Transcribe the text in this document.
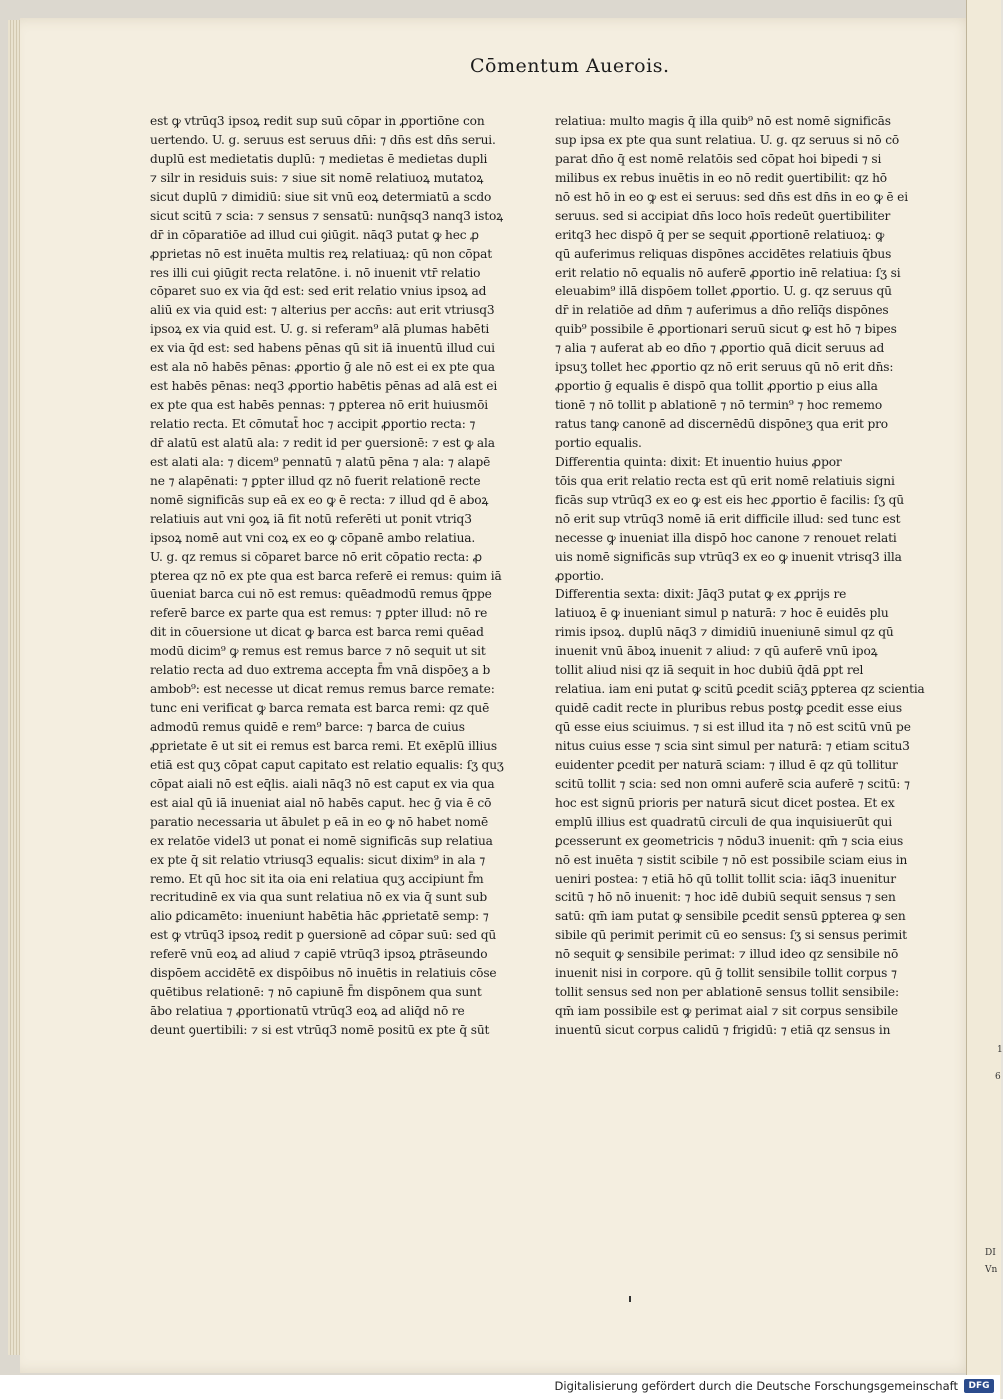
1
6
DI
Vn
Cōmentum Auerois.
est ꝙ vtrūq3 ipsoꝝ redit sup suū cōpar in ꝓportiōne con
uertendo. U. g. seruus est seruus dn̄i: ⁊ dn̄s est dn̄s serui.
duplū est medietatis duplū: ⁊ medietas ē medietas dupli
⁊ silr in residuis suis: ⁊ siue sit nomē relatiuoꝝ mutatoꝝ
sicut duplū ⁊ dimidiū: siue sit vnū eoꝝ determiatū a scdo
sicut scitū ⁊ scia: ⁊ sensus ⁊ sensatū: nunq̄sq3 nanq3 istoꝝ
dr̄ in cōparatiōe ad illud cui ꝯiūgit. nāq3 putat ꝙ hec ꝓ
ꝓprietas nō est inuēta multis reꝝ relatiuaꝝ: qū non cōpat
res illi cui ꝯiūgit recta relatōne. i. nō inuenit vtr̄ relatio
cōparet suo ex via q̄d est: sed erit relatio vnius ipsoꝝ ad
aliū ex via quid est: ⁊ alterius per accn̄s: aut erit vtriusq3
ipsoꝝ ex via quid est. U. g. si referam⁹ alā plumas habēti
ex via q̄d est: sed habens pēnas qū sit iā inuentū illud cui
est ala nō habēs pēnas: ꝓportio ḡ ale nō est ei ex pte qua
est habēs pēnas: neq3 ꝓportio habētis pēnas ad alā est ei
ex pte qua est habēs pennas: ⁊ ꝑpterea nō erit huiusmōi
relatio recta. Et cōmutat̄ hoc ⁊ accipit ꝓportio recta: ⁊
dr̄ alatū est alatū ala: ⁊ redit id per ꝯuersionē: ⁊ est ꝙ ala
est alati ala: ⁊ dicem⁹ pennatū ⁊ alatū pēna ⁊ ala: ⁊ alapē
ne ⁊ alapēnati: ⁊ ꝑpter illud qz nō fuerit relationē recte
nomē significās sup eā ex eo ꝙ ē recta: ⁊ illud qd ē aboꝝ
relatiuis aut vni ꝯoꝝ iā fit notū referēti ut ponit vtriq3
ipsoꝝ nomē aut vni coꝝ ex eo ꝙ cōpanē ambo relatiua.
U. g. qz remus si cōparet barce nō erit cōpatio recta: ꝓ
pterea qz nō ex pte qua est barca referē ei remus: quim iā
ūueniat barca cui nō est remus: quēadmodū remus q̄ppe
referē barce ex parte qua est remus: ⁊ ꝑpter illud: nō re
dit in cōuersione ut dicat ꝙ barca est barca remi quēad
modū dicim⁹ ꝙ remus est remus barce ⁊ nō sequit ut sit
relatio recta ad duo extrema accepta f̄m vnā dispōeʒ a b
ambob⁹: est necesse ut dicat remus remus barce remate:
tunc eni verificat ꝙ barca remata est barca remi: qz quē
admodū remus quidē e rem⁹ barce: ⁊ barca de cuius
ꝓprietate ē ut sit ei remus est barca remi. Et exēplū illius
etiā est quʒ cōpat caput capitato est relatio equalis: ſʒ quʒ
cōpat aiali nō est eq̄lis. aiali nāq3 nō est caput ex via qua
est aial qū iā inueniat aial nō habēs caput. hec ḡ via ē cō
paratio necessaria ut ābulet p eā in eo ꝙ nō habet nomē
ex relatōe videl3 ut ponat ei nomē significās sup relatiua
ex pte q̄ sit relatio vtriusq3 equalis: sicut dixim⁹ in ala ⁊
remo. Et qū hoc sit ita oia eni relatiua quʒ accipiunt f̄m
recritudinē ex via qua sunt relatiua nō ex via q̄ sunt sub
alio ꝑdicamēto: inueniunt habētia hāc ꝓprietatē semp: ⁊
est ꝙ vtrūq3 ipsoꝝ redit p ꝯuersionē ad cōpar suū: sed qū
referē vnū eoꝝ ad aliud ⁊ capiē vtrūq3 ipsoꝝ ꝑtrāseundo
dispōem accidētē ex dispōibus nō inuētis in relatiuis cōse
quētibus relationē: ⁊ nō capiunē f̄m dispōnem qua sunt
ābo relatiua ⁊ ꝓportionatū vtrūq3 eoꝝ ad aliq̄d nō re
deunt ꝯuertibili: ⁊ si est vtrūq3 nomē positū ex pte q̄ sūt
relatiua: multo magis q̄ illa quib⁹ nō est nomē significās
sup ipsa ex pte qua sunt relatiua. U. g. qz seruus si nō cō
parat dn̄o q̄ est nomē relatōis sed cōpat hoi bipedi ⁊ si
milibus ex rebus inuētis in eo nō redit ꝯuertibilit: qz hō
nō est hō in eo ꝙ est ei seruus: sed dn̄s est dn̄s in eo ꝙ ē ei
seruus. sed si accipiat dn̄s loco hoīs redeūt ꝯuertibiliter
eritq3 hec dispō q̄ per se sequit ꝓportionē relatiuoꝝ: ꝙ
qū auferimus reliquas dispōnes accidētes relatiuis q̄bus
erit relatio nō equalis nō auferē ꝓportio inē relatiua: ſʒ si
eleuabim⁹ illā dispōem tollet ꝓportio. U. g. qz seruus qū
dr̄ in relatiōe ad dn̄m ⁊ auferimus a dn̄o relīq̄s dispōnes
quib⁹ possibile ē ꝓportionari seruū sicut ꝙ est hō ⁊ bipes
⁊ alia ⁊ auferat ab eo dn̄o ⁊ ꝓportio quā dicit seruus ad
ipsuʒ tollet hec ꝓportio qz nō erit seruus qū nō erit dn̄s:
ꝓportio ḡ equalis ē dispō qua tollit ꝓportio p eius alla
tionē ⁊ nō tollit p ablationē ⁊ nō termin⁹ ⁊ hoc rememo
ratus tanꝙ canonē ad discernēdū dispōneʒ qua erit pro
portio equalis.
Differentia quinta: dixit: Et inuentio huius ꝓpor
tōis qua erit relatio recta est qū erit nomē relatiuis signi
ficās sup vtrūq3 ex eo ꝙ est eis hec ꝓportio ē facilis: ſʒ qū
nō erit sup vtrūq3 nomē iā erit difficile illud: sed tunc est
necesse ꝙ inueniat illa dispō hoc canone ⁊ renouet relati
uis nomē significās sup vtrūq3 ex eo ꝙ inuenit vtrisq3 illa
ꝓportio.
Differentia sexta: dixit: Jāq3 putat ꝙ ex ꝓprijs re
latiuoꝝ ē ꝙ inueniant simul p naturā: ⁊ hoc ē euidēs plu
rimis ipsoꝝ. duplū nāq3 ⁊ dimidiū inueniunē simul qz qū
inuenit vnū āboꝝ inuenit ⁊ aliud: ⁊ qū auferē vnū ipoꝝ
tollit aliud nisi qz iā sequit in hoc dubiū q̄dā ꝑpt rel
relatiua. iam eni putat ꝙ scitū ꝑcedit sciāʒ ꝑpterea qz scientia
quidē cadit recte in pluribus rebus postꝙ ꝑcedit esse eius
qū esse eius sciuimus. ⁊ si est illud ita ⁊ nō est scitū vnū pe
nitus cuius esse ⁊ scia sint simul per naturā: ⁊ etiam scitu3
euidenter ꝑcedit per naturā sciam: ⁊ illud ē qz qū tollitur
scitū tollit ⁊ scia: sed non omni auferē scia auferē ⁊ scitū: ⁊
hoc est signū prioris per naturā sicut dicet postea. Et ex
emplū illius est quadratū circuli de qua inquisiuerūt qui
ꝑcesserunt ex geometricis ⁊ nōdu3 inuenit: qm̄ ⁊ scia eius
nō est inuēta ⁊ sistit scibile ⁊ nō est possibile sciam eius in
ueniri postea: ⁊ etiā hō qū tollit tollit scia: iāq3 inuenitur
scitū ⁊ hō nō inuenit: ⁊ hoc idē dubiū sequit sensus ⁊ sen
satū: qm̄ iam putat ꝙ sensibile ꝑcedit sensū ꝑpterea ꝙ sen
sibile qū perimit perimit cū eo sensus: ſʒ si sensus perimit
nō sequit ꝙ sensibile perimat: ⁊ illud ideo qz sensibile nō
inuenit nisi in corpore. qū ḡ tollit sensibile tollit corpus ⁊
tollit sensus sed non per ablationē sensus tollit sensibile:
qm̄ iam possibile est ꝙ perimat aial ⁊ sit corpus sensibile
inuentū sicut corpus calidū ⁊ frigidū: ⁊ etiā qz sensus in
Digitalisierung gefördert durch die Deutsche Forschungsgemeinschaft	DFG
